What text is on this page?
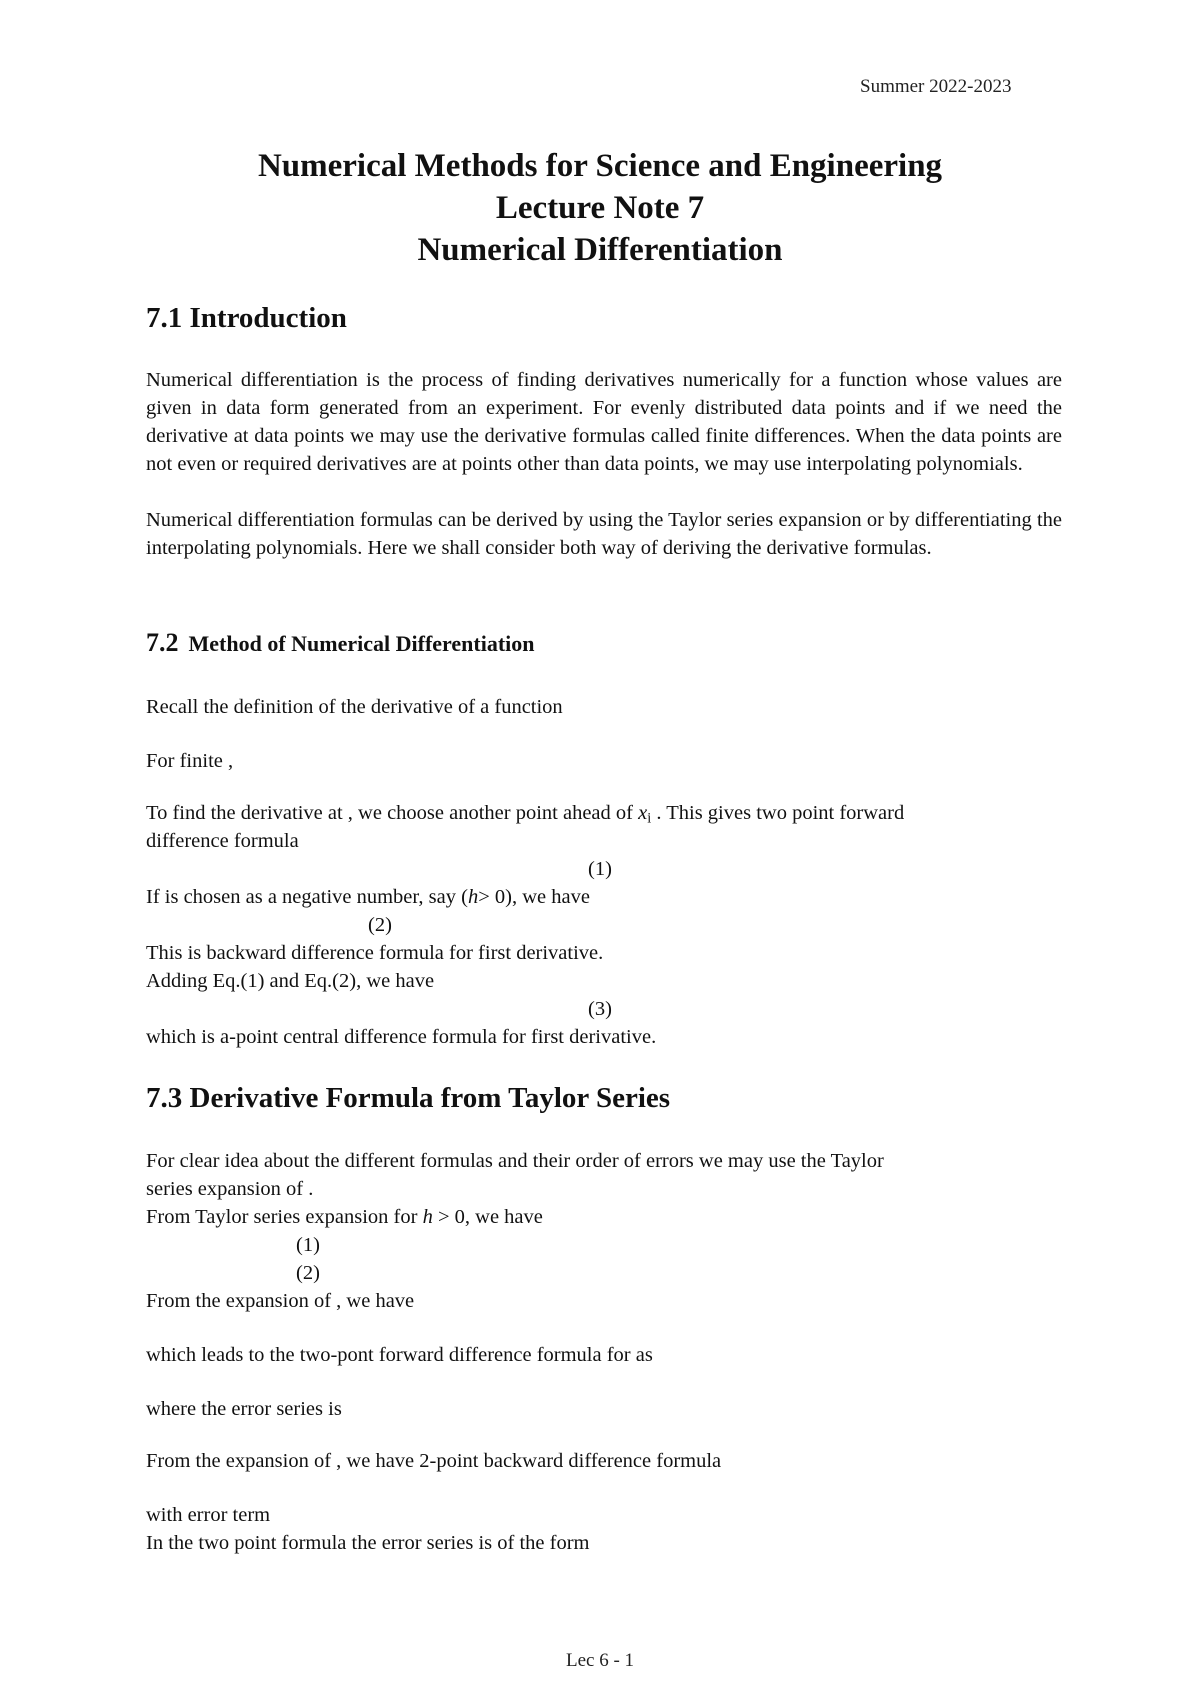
Summer 2022-2023
Numerical Methods for Science and Engineering
Lecture Note 7
Numerical Differentiation
7.1 Introduction
Numerical differentiation is the process of finding derivatives numerically for a function whose values are given in data form generated from an experiment. For evenly distributed data points and if we need the derivative at data points we may use the derivative formulas called finite differences. When the data points are not even or required derivatives are at points other than data points, we may use interpolating polynomials.
Numerical differentiation formulas can be derived by using the Taylor series expansion or by differentiating the interpolating polynomials. Here we shall consider both way of deriving the derivative formulas.
7.2 Method of Numerical Differentiation
Recall the definition of the derivative of a function
For finite ,
To find the derivative at , we choose another point ahead of $x_i$ . This gives two point forward
difference formula
(1)
If is chosen as a negative number, say (h> 0), we have
(2)
This is backward difference formula for first derivative.
Adding Eq.(1) and Eq.(2), we have
(3)
which is a-point central difference formula for first derivative.
7.3 Derivative Formula from Taylor Series
For clear idea about the different formulas and their order of errors we may use the Taylor
series expansion of .
From Taylor series expansion for h > 0, we have
(1)
(2)
From the expansion of , we have
which leads to the two-pont forward difference formula for as
where the error series is
From the expansion of , we have 2-point backward difference formula
with error term
In the two point formula the error series is of the form
Lec 6 - 1
